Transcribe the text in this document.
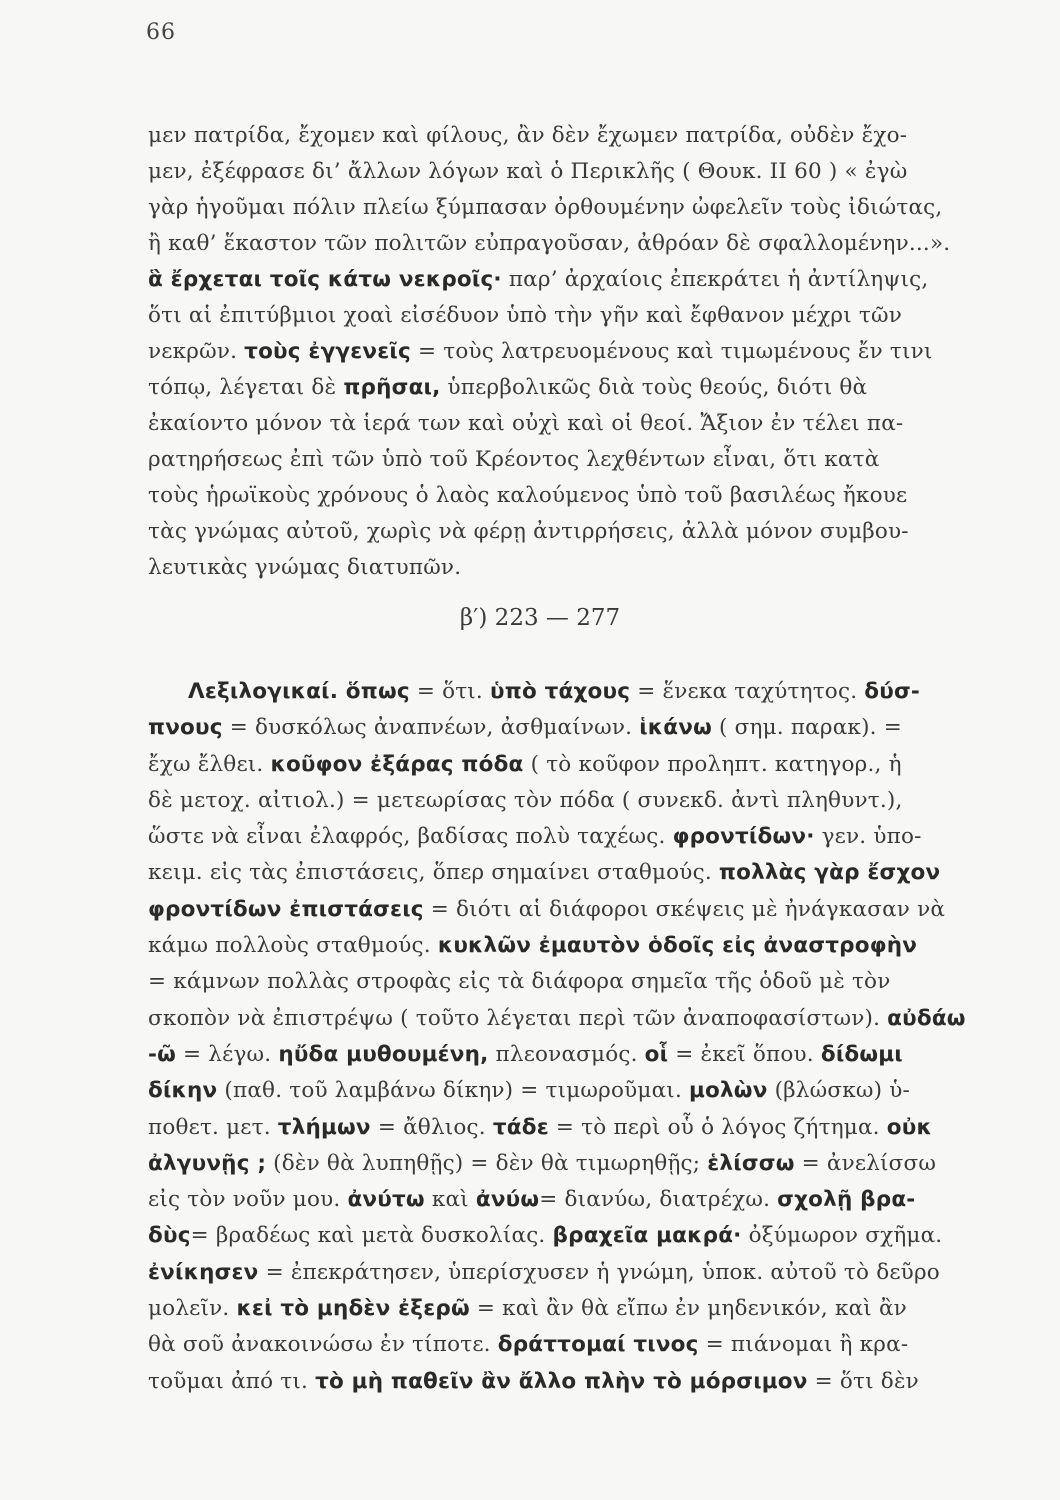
66
μεν πατρίδα, ἔχομεν καὶ φίλους, ἂν δὲν ἔχωμεν πατρίδα, οὐδὲν ἔχο-
μεν, ἐξέφρασε δι’ ἄλλων λόγων καὶ ὁ Περικλῆς ( Θουκ. ΙΙ 60 ) « ἐγὼ
γὰρ ἡγοῦμαι πόλιν πλείω ξύμπασαν ὀρθουμένην ὠφελεῖν τοὺς ἰδιώτας,
ἢ καθ’ ἕκαστον τῶν πολιτῶν εὐπραγοῦσαν, ἀθρόαν δὲ σφαλλομένην...».
ἃ ἔρχεται τοῖς κάτω νεκροῖς· παρ’ ἀρχαίοις ἐπεκράτει ἡ ἀντίληψις,
ὅτι αἱ ἐπιτύβμιοι χοαὶ εἰσέδυον ὑπὸ τὴν γῆν καὶ ἔφθανον μέχρι τῶν
νεκρῶν. τοὺς ἐγγενεῖς = τοὺς λατρευομένους καὶ τιμωμένους ἔν τινι
τόπῳ, λέγεται δὲ πρῆσαι, ὑπερβολικῶς διὰ τοὺς θεούς, διότι θὰ
ἐκαίοντο μόνον τὰ ἱερά των καὶ οὐχὶ καὶ οἱ θεοί. Ἄξιον ἐν τέλει πα-
ρατηρήσεως ἐπὶ τῶν ὑπὸ τοῦ Κρέοντος λεχθέντων εἶναι, ὅτι κατὰ
τοὺς ἡρωϊκοὺς χρόνους ὁ λαὸς καλούμενος ὑπὸ τοῦ βασιλέως ἤκουε
τὰς γνώμας αὐτοῦ, χωρὶς νὰ φέρῃ ἀντιρρήσεις, ἀλλὰ μόνον συμβου-
λευτικὰς γνώμας διατυπῶν.
β′) 223 — 277
Λεξιλογικαί. ὅπως = ὅτι. ὑπὸ τάχους = ἕνεκα ταχύτητος. δύσ-
πνους = δυσκόλως ἀναπνέων, ἀσθμαίνων. ἱκάνω ( σημ. παρακ). =
ἔχω ἔλθει. κοῦφον ἐξάρας πόδα ( τὸ κοῦφον προληπτ. κατηγορ., ἡ
δὲ μετοχ. αἰτιολ.) = μετεωρίσας τὸν πόδα ( συνεκδ. ἀντὶ πληθυντ.),
ὥστε νὰ εἶναι ἐλαφρός, βαδίσας πολὺ ταχέως. φροντίδων· γεν. ὑπο-
κειμ. εἰς τὰς ἐπιστάσεις, ὅπερ σημαίνει σταθμούς. πολλὰς γὰρ ἔσχον
φροντίδων ἐπιστάσεις = διότι αἱ διάφοροι σκέψεις μὲ ἠνάγκασαν νὰ
κάμω πολλοὺς σταθμούς. κυκλῶν ἐμαυτὸν ὁδοῖς εἰς ἀναστροφὴν
= κάμνων πολλὰς στροφὰς εἰς τὰ διάφορα σημεῖα τῆς ὁδοῦ μὲ τὸν
σκοπὸν νὰ ἐπιστρέψω ( τοῦτο λέγεται περὶ τῶν ἀναποφασίστων). αὐδάω
-ῶ = λέγω. ηὔδα μυθουμένη, πλεονασμός. οἷ = ἐκεῖ ὅπου. δίδωμι
δίκην (παθ. τοῦ λαμβάνω δίκην) = τιμωροῦμαι. μολὼν (βλώσκω) ὑ-
ποθετ. μετ. τλήμων = ἄθλιος. τάδε = τὸ περὶ οὗ ὁ λόγος ζήτημα. οὐκ
ἀλγυνῇς ; (δὲν θὰ λυπηθῇς) = δὲν θὰ τιμωρηθῇς; ἑλίσσω = ἀνελίσσω
εἰς τὸν νοῦν μου. ἀνύτω καὶ ἀνύω= διανύω, διατρέχω. σχολῇ βρα-
δὺς= βραδέως καὶ μετὰ δυσκολίας. βραχεῖα μακρά· ὀξύμωρον σχῆμα.
ἐνίκησεν = ἐπεκράτησεν, ὑπερίσχυσεν ἡ γνώμη, ὑποκ. αὐτοῦ τὸ δεῦρο
μολεῖν. κεἰ τὸ μηδὲν ἐξερῶ = καὶ ἂν θὰ εἴπω ἐν μηδενικόν, καὶ ἂν
θὰ σοῦ ἀνακοινώσω ἐν τίποτε. δράττομαί τινος = πιάνομαι ἢ κρα-
τοῦμαι ἀπό τι. τὸ μὴ παθεῖν ἂν ἄλλο πλὴν τὸ μόρσιμον = ὅτι δὲν
